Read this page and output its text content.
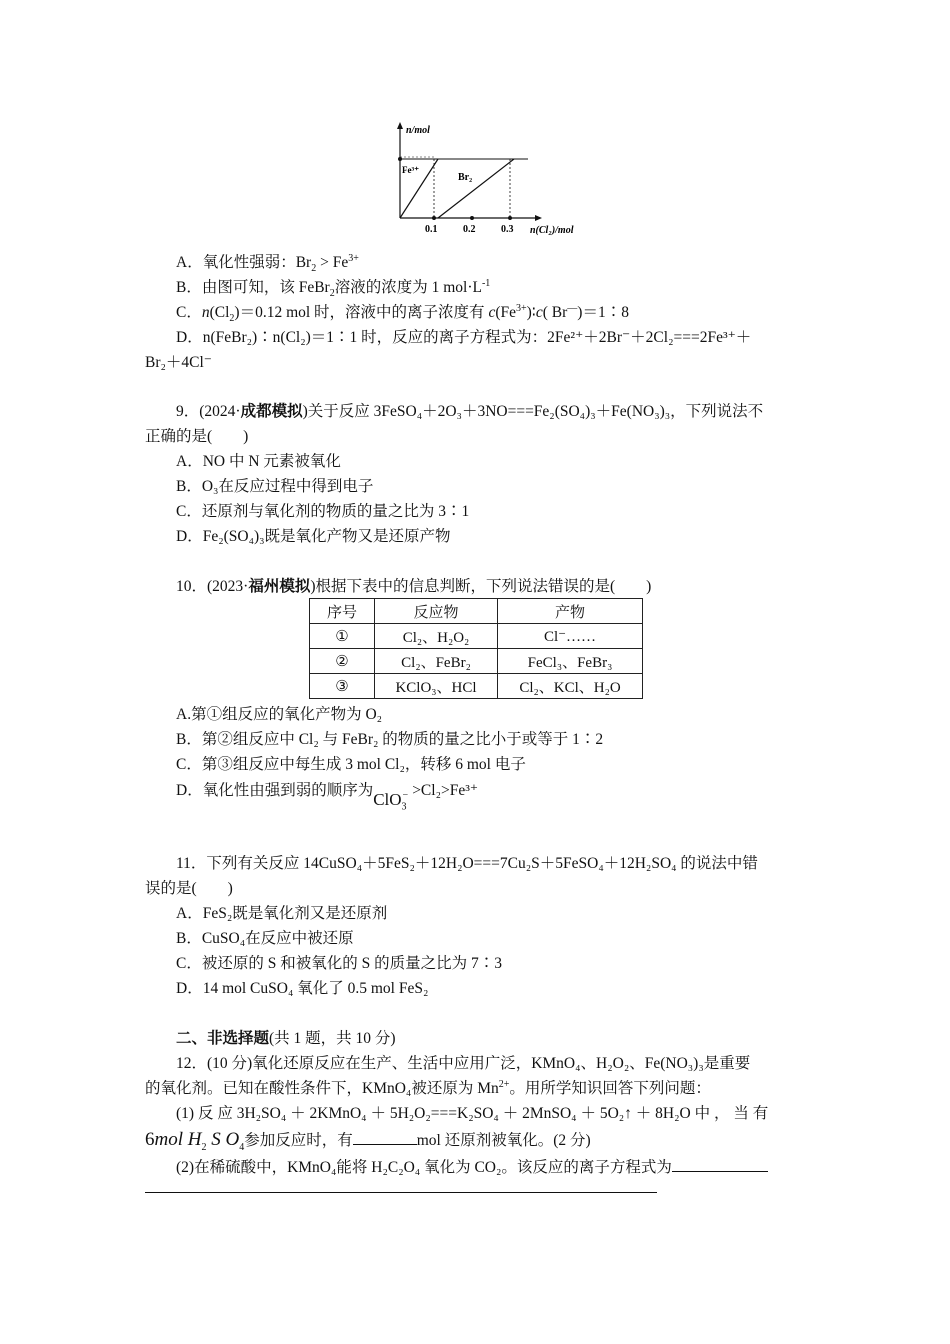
n/mol
Fe³⁺
Br₂
0.1	0.2	0.3 n(Cl₂)/mol
A．氧化性强弱：$Br_2 > Fe^{3+}$
B．由图可知，该 FeBr$_2$溶液的浓度为 1 $mol\cdot L^{-1}$
C．$n(Cl_2)=0.12$ mol 时，溶液中的离子浓度有 $c(Fe^{3+})∶c$( Br—)＝1∶8
D．n(FeBr₂)∶n(Cl₂)＝1∶1 时，反应的离子方程式为：2Fe²⁺＋2Br⁻＋2Cl₂===2Fe³⁺＋
Br₂＋4Cl⁻
9．(2024·成都模拟)关于反应 3FeSO₄＋2O₃＋3NO===Fe₂(SO₄)₃＋Fe(NO₃)₃，下列说法不
正确的是(　　)
A．NO 中 N 元素被氧化
B．O₃在反应过程中得到电子
C．还原剂与氧化剂的物质的量之比为 3∶1
D．Fe₂(SO₄)₃既是氧化产物又是还原产物
10．(2023·福州模拟)根据下表中的信息判断，下列说法错误的是(　　)
序号	反应物	产物
①	Cl₂、H₂O₂	Cl⁻……
②	Cl₂、FeBr₂	FeCl₃、FeBr₃
③	KClO₃、HCl	Cl₂、KCl、H₂O
A.第①组反应的氧化产物为 O₂
B．第②组反应中 Cl₂ 与 FeBr₂ 的物质的量之比小于或等于 1∶2
C．第③组反应中每生成 3 mol Cl₂，转移 6 mol 电子
D．氧化性由强到弱的顺序为ClO$_3$− >Cl₂>Fe³⁺
11．下列有关反应 14CuSO₄＋5FeS₂＋12H₂O===7Cu₂S＋5FeSO₄＋12H₂SO₄ 的说法中错
误的是(　　)
A．FeS₂既是氧化剂又是还原剂
B．CuSO₄在反应中被还原
C．被还原的 S 和被氧化的 S 的质量之比为 7∶3
D．14 mol CuSO₄ 氧化了 0.5 mol FeS₂
二、非选择题(共 1 题，共 10 分)
12．(10 分)氧化还原反应在生产、生活中应用广泛，KMnO₄、H₂O₂、Fe(NO₃)₃是重要
的氧化剂。已知在酸性条件下，KMnO₄被还原为 $Mn^{2+}$。用所学知识回答下列问题：
(1) 反 应 3H₂SO₄ ＋ 2KMnO₄ ＋ 5H₂O₂===K₂SO₄ ＋ 2MnSO₄ ＋ 5O₂↑ ＋ 8H₂O 中 ， 当 有
6mol $H_2$ S $O_4$参加反应时，有	mol 还原剂被氧化。(2 分)
(2)在稀硫酸中，KMnO₄能将 H₂C₂O₄ 氧化为 CO₂。该反应的离子方程式为
